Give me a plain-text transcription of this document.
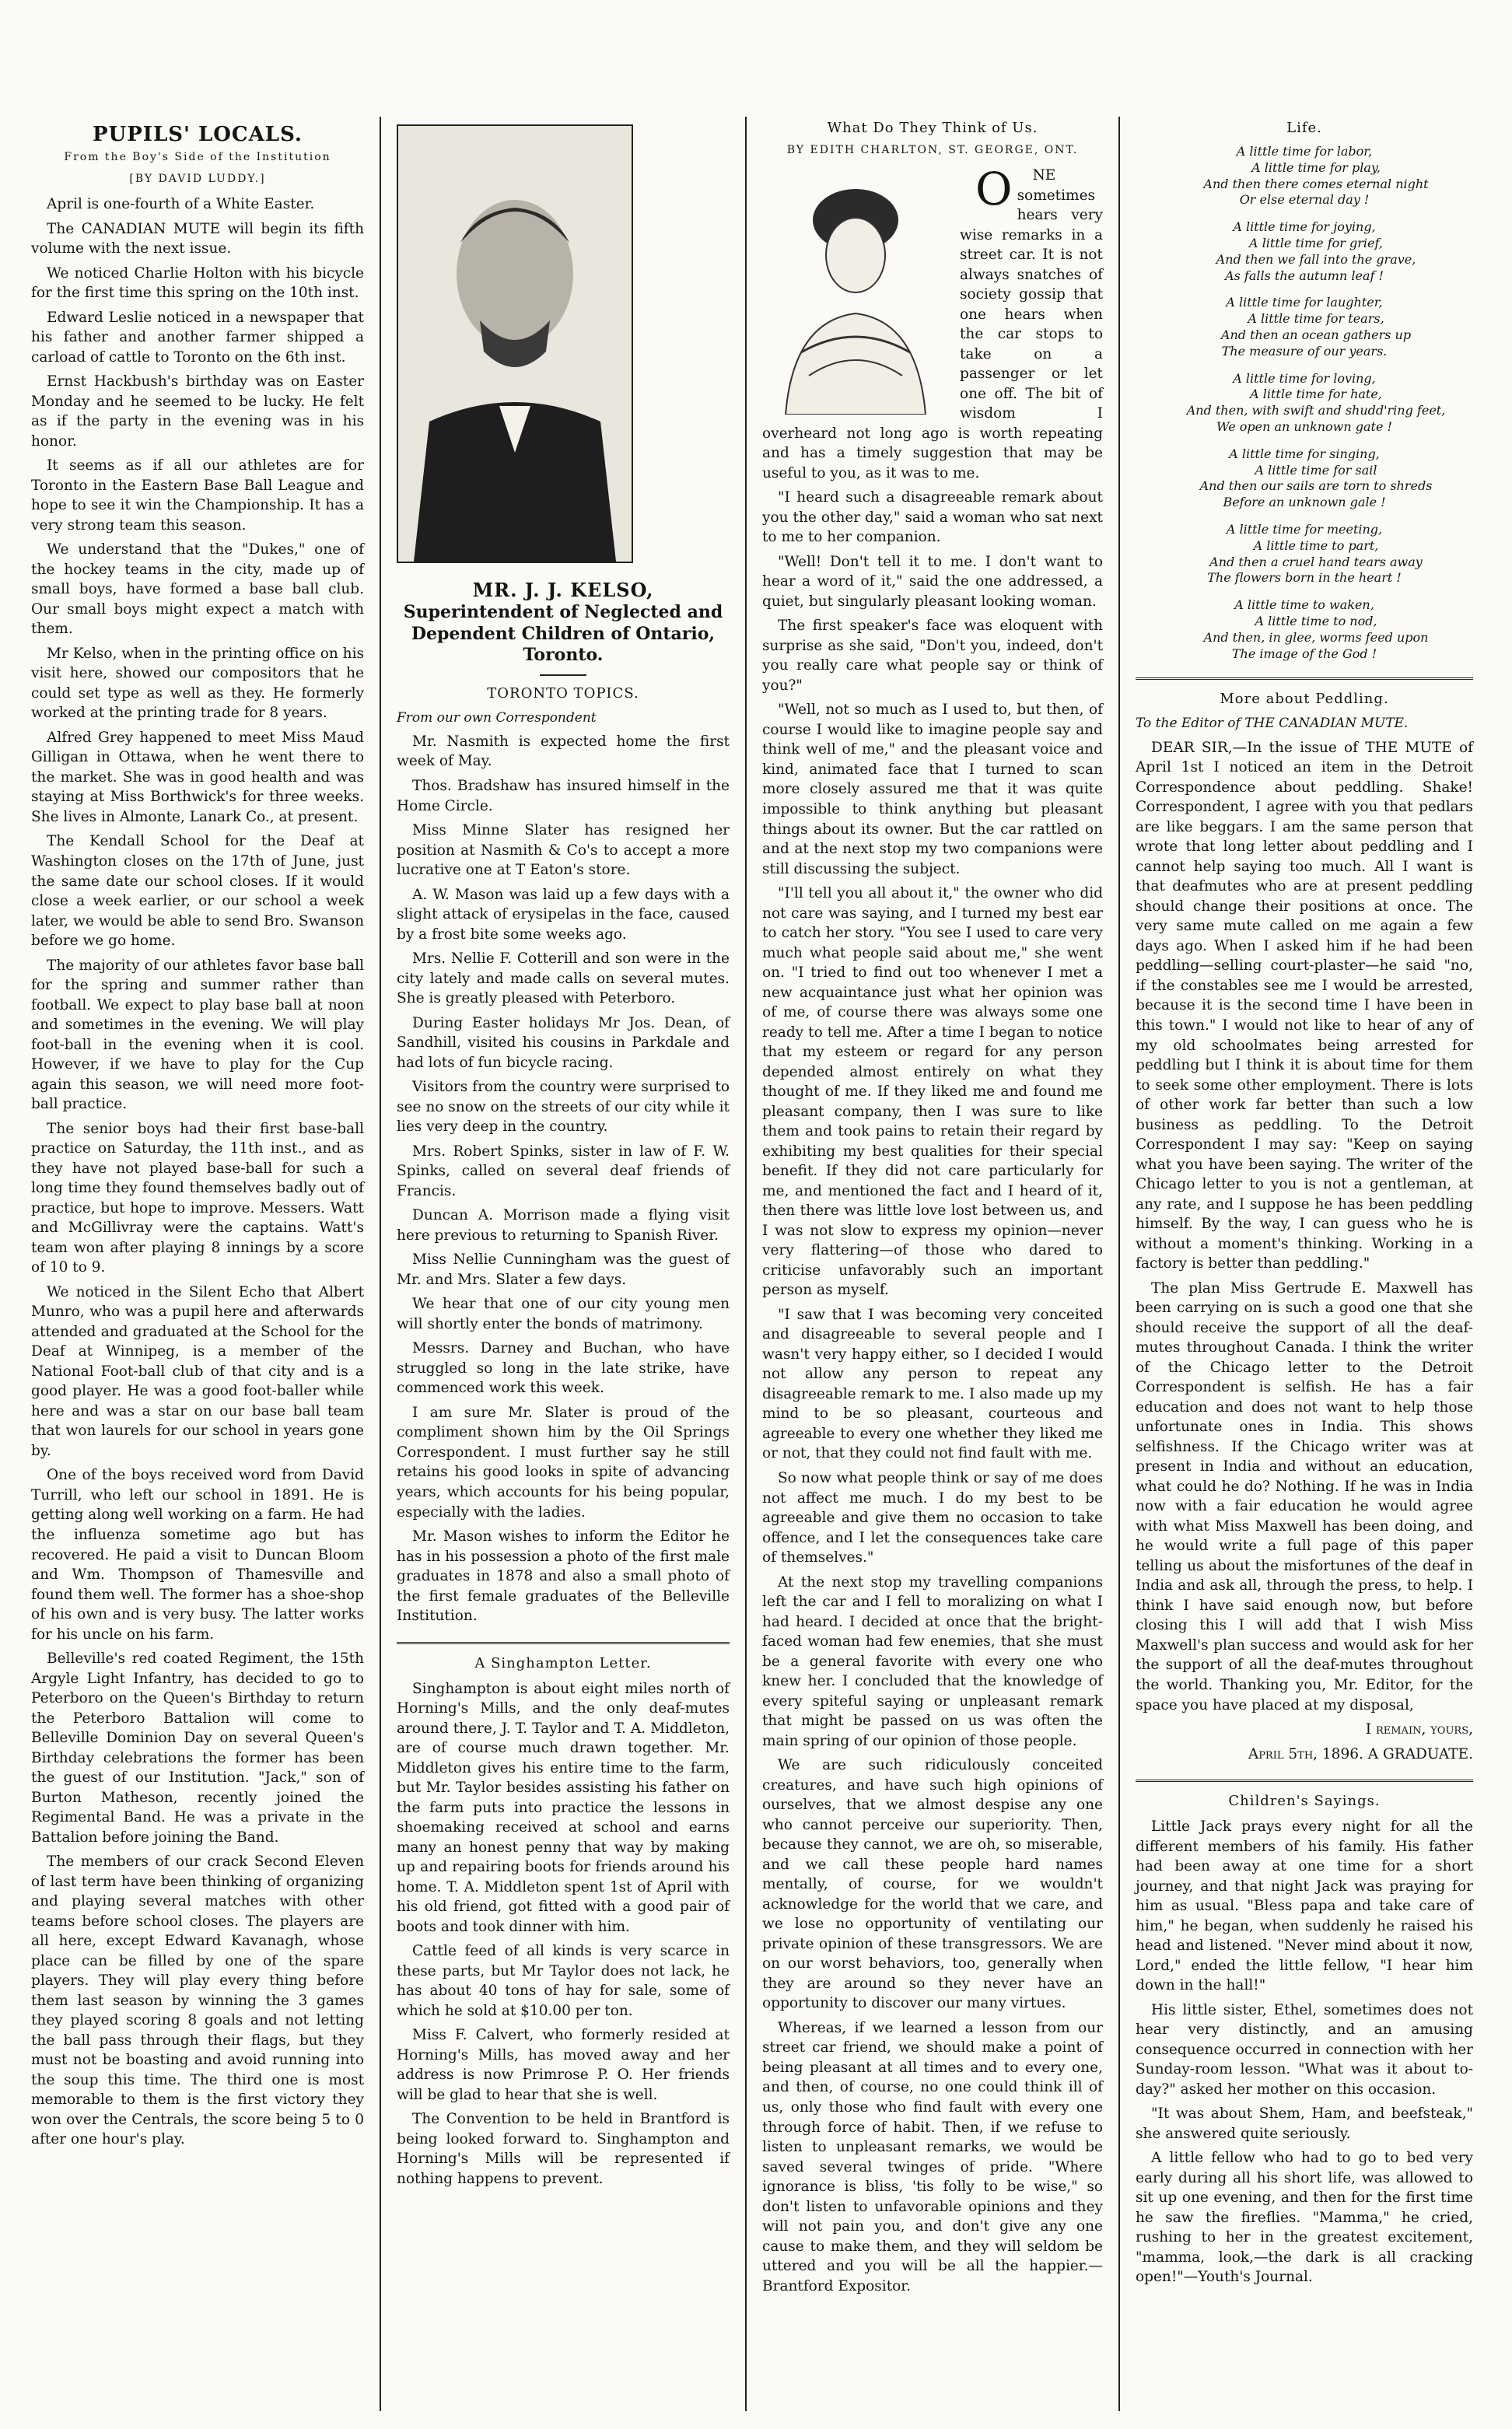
PUPILS' LOCALS.
From the Boy's Side of the Institution
[BY DAVID LUDDY.]

April is one-fourth of a White Easter.

The CANADIAN MUTE will begin its fifth volume with the next issue.

We noticed Charlie Holton with his bicycle for the first time this spring on the 10th inst.

Edward Leslie noticed in a newspaper that his father and another farmer shipped a carload of cattle to Toronto on the 6th inst.

Ernst Hackbush's birthday was on Easter Monday and he seemed to be lucky. He felt as if the party in the evening was in his honor.

It seems as if all our athletes are for Toronto in the Eastern Base Ball League and hope to see it win the Championship. It has a very strong team this season.

We understand that the "Dukes," one of the hockey teams in the city, made up of small boys, have formed a base ball club. Our small boys might expect a match with them.

Mr Kelso, when in the printing office on his visit here, showed our compositors that he could set type as well as they. He formerly worked at the printing trade for 8 years.

Alfred Grey happened to meet Miss Maud Gilligan in Ottawa, when he went there to the market. She was in good health and was staying at Miss Borthwick's for three weeks. She lives in Almonte, Lanark Co., at present.

The Kendall School for the Deaf at Washington closes on the 17th of June, just the same date our school closes. If it would close a week earlier, or our school a week later, we would be able to send Bro. Swanson before we go home.

The majority of our athletes favor base ball for the spring and summer rather than football. We expect to play base ball at noon and sometimes in the evening. We will play foot-ball in the evening when it is cool. However, if we have to play for the Cup again this season, we will need more foot-ball practice.

The senior boys had their first base-ball practice on Saturday, the 11th inst., and as they have not played base-ball for such a long time they found themselves badly out of practice, but hope to improve. Messers. Watt and McGillivray were the captains. Watt's team won after playing 8 innings by a score of 10 to 9.

We noticed in the Silent Echo that Albert Munro, who was a pupil here and afterwards attended and graduated at the School for the Deaf at Winnipeg, is a member of the National Foot-ball club of that city and is a good player. He was a good foot-baller while here and was a star on our base ball team that won laurels for our school in years gone by.

One of the boys received word from David Turrill, who left our school in 1891. He is getting along well working on a farm. He had the influenza sometime ago but has recovered. He paid a visit to Duncan Bloom and Wm. Thompson of Thamesville and found them well. The former has a shoe-shop of his own and is very busy. The latter works for his uncle on his farm.

Belleville's red coated Regiment, the 15th Argyle Light Infantry, has decided to go to Peterboro on the Queen's Birthday to return the Peterboro Battalion will come to Belleville Dominion Day on several Queen's Birthday celebrations the former has been the guest of our Institution. "Jack," son of Burton Matheson, recently joined the Regimental Band. He was a private in the Battalion before joining the Band.

The members of our crack Second Eleven of last term have been thinking of organizing and playing several matches with other teams before school closes. The players are all here, except Edward Kavanagh, whose place can be filled by one of the spare players. They will play every thing before them last season by winning the 3 games they played scoring 8 goals and not letting the ball pass through their flags, but they must not be boasting and avoid running into the soup this time. The third one is most memorable to them is the first victory they won over the Centrals, the score being 5 to 0 after one hour's play.

MR. J. J. KELSO,
Superintendent of Neglected and Dependent Children of Ontario, Toronto.
TORONTO TOPICS.

From our own Correspondent

Mr. Nasmith is expected home the first week of May.

Thos. Bradshaw has insured himself in the Home Circle.

Miss Minne Slater has resigned her position at Nasmith & Co's to accept a more lucrative one at T Eaton's store.

A. W. Mason was laid up a few days with a slight attack of erysipelas in the face, caused by a frost bite some weeks ago.

Mrs. Nellie F. Cotterill and son were in the city lately and made calls on several mutes. She is greatly pleased with Peterboro.

During Easter holidays Mr Jos. Dean, of Sandhill, visited his cousins in Parkdale and had lots of fun bicycle racing.

Visitors from the country were surprised to see no snow on the streets of our city while it lies very deep in the country.

Mrs. Robert Spinks, sister in law of F. W. Spinks, called on several deaf friends of Francis.

Duncan A. Morrison made a flying visit here previous to returning to Spanish River.

Miss Nellie Cunningham was the guest of Mr. and Mrs. Slater a few days.

We hear that one of our city young men will shortly enter the bonds of matrimony.

Messrs. Darney and Buchan, who have struggled so long in the late strike, have commenced work this week.

I am sure Mr. Slater is proud of the compliment shown him by the Oil Springs Correspondent. I must further say he still retains his good looks in spite of advancing years, which accounts for his being popular, especially with the ladies.

Mr. Mason wishes to inform the Editor he has in his possession a photo of the first male graduates in 1878 and also a small photo of the first female graduates of the Belleville Institution.

A Singhampton Letter.

Singhampton is about eight miles north of Horning's Mills, and the only deaf-mutes around there, J. T. Taylor and T. A. Middleton, are of course much drawn together. Mr. Middleton gives his entire time to the farm, but Mr. Taylor besides assisting his father on the farm puts into practice the lessons in shoemaking received at school and earns many an honest penny that way by making up and repairing boots for friends around his home. T. A. Middleton spent 1st of April with his old friend, got fitted with a good pair of boots and took dinner with him.

Cattle feed of all kinds is very scarce in these parts, but Mr Taylor does not lack, he has about 40 tons of hay for sale, some of which he sold at $10.00 per ton.

Miss F. Calvert, who formerly resided at Horning's Mills, has moved away and her address is now Primrose P. O. Her friends will be glad to hear that she is well.

The Convention to be held in Brantford is being looked forward to. Singhampton and Horning's Mills will be represented if nothing happens to prevent.

What Do They Think of Us.
BY EDITH CHARLTON, ST. GEORGE, ONT.

O NE sometimes hears very wise remarks in a street car. It is not always snatches of society gossip that one hears when the car stops to take on a passenger or let one off. The bit of wisdom I overheard not long ago is worth repeating and has a timely suggestion that may be useful to you, as it was to me.

"I heard such a disagreeable remark about you the other day," said a woman who sat next to me to her companion.

"Well! Don't tell it to me. I don't want to hear a word of it," said the one addressed, a quiet, but singularly pleasant looking woman.

The first speaker's face was eloquent with surprise as she said, "Don't you, indeed, don't you really care what people say or think of you?"

"Well, not so much as I used to, but then, of course I would like to imagine people say and think well of me," and the pleasant voice and kind, animated face that I turned to scan more closely assured me that it was quite impossible to think anything but pleasant things about its owner. But the car rattled on and at the next stop my two companions were still discussing the subject.

"I'll tell you all about it," the owner who did not care was saying, and I turned my best ear to catch her story. "You see I used to care very much what people said about me," she went on. "I tried to find out too whenever I met a new acquaintance just what her opinion was of me, of course there was always some one ready to tell me. After a time I began to notice that my esteem or regard for any person depended almost entirely on what they thought of me. If they liked me and found me pleasant company, then I was sure to like them and took pains to retain their regard by exhibiting my best qualities for their special benefit. If they did not care particularly for me, and mentioned the fact and I heard of it, then there was little love lost between us, and I was not slow to express my opinion—never very flattering—of those who dared to criticise unfavorably such an important person as myself.

"I saw that I was becoming very conceited and disagreeable to several people and I wasn't very happy either, so I decided I would not allow any person to repeat any disagreeable remark to me. I also made up my mind to be so pleasant, courteous and agreeable to every one whether they liked me or not, that they could not find fault with me.

So now what people think or say of me does not affect me much. I do my best to be agreeable and give them no occasion to take offence, and I let the consequences take care of themselves."

At the next stop my travelling companions left the car and I fell to moralizing on what I had heard. I decided at once that the bright-faced woman had few enemies, that she must be a general favorite with every one who knew her. I concluded that the knowledge of every spiteful saying or unpleasant remark that might be passed on us was often the main spring of our opinion of those people.

We are such ridiculously conceited creatures, and have such high opinions of ourselves, that we almost despise any one who cannot perceive our superiority. Then, because they cannot, we are oh, so miserable, and we call these people hard names mentally, of course, for we wouldn't acknowledge for the world that we care, and we lose no opportunity of ventilating our private opinion of these transgressors. We are on our worst behaviors, too, generally when they are around so they never have an opportunity to discover our many virtues.

Whereas, if we learned a lesson from our street car friend, we should make a point of being pleasant at all times and to every one, and then, of course, no one could think ill of us, only those who find fault with every one through force of habit. Then, if we refuse to listen to unpleasant remarks, we would be saved several twinges of pride. "Where ignorance is bliss, 'tis folly to be wise," so don't listen to unfavorable opinions and they will not pain you, and don't give any one cause to make them, and they will seldom be uttered and you will be all the happier.—Brantford Expositor.

Life.
A little time for labor,
A little time for play,
And then there comes eternal night
Or else eternal day !
A little time for joying,
A little time for grief,
And then we fall into the grave,
As falls the autumn leaf !
A little time for laughter,
A little time for tears,
And then an ocean gathers up
The measure of our years.
A little time for loving,
A little time for hate,
And then, with swift and shudd'ring feet,
We open an unknown gate !
A little time for singing,
A little time for sail
And then our sails are torn to shreds
Before an unknown gale !
A little time for meeting,
A little time to part,
And then a cruel hand tears away
The flowers born in the heart !
A little time to waken,
A little time to nod,
And then, in glee, worms feed upon
The image of the God !
More about Peddling.

To the Editor of THE CANADIAN MUTE.

DEAR SIR,—In the issue of THE MUTE of April 1st I noticed an item in the Detroit Correspondence about peddling. Shake! Correspondent, I agree with you that pedlars are like beggars. I am the same person that wrote that long letter about peddling and I cannot help saying too much. All I want is that deafmutes who are at present peddling should change their positions at once. The very same mute called on me again a few days ago. When I asked him if he had been peddling—selling court-plaster—he said "no, if the constables see me I would be arrested, because it is the second time I have been in this town." I would not like to hear of any of my old schoolmates being arrested for peddling but I think it is about time for them to seek some other employment. There is lots of other work far better than such a low business as peddling. To the Detroit Correspondent I may say: "Keep on saying what you have been saying. The writer of the Chicago letter to you is not a gentleman, at any rate, and I suppose he has been peddling himself. By the way, I can guess who he is without a moment's thinking. Working in a factory is better than peddling."

The plan Miss Gertrude E. Maxwell has been carrying on is such a good one that she should receive the support of all the deaf-mutes throughout Canada. I think the writer of the Chicago letter to the Detroit Correspondent is selfish. He has a fair education and does not want to help those unfortunate ones in India. This shows selfishness. If the Chicago writer was at present in India and without an education, what could he do? Nothing. If he was in India now with a fair education he would agree with what Miss Maxwell has been doing, and he would write a full page of this paper telling us about the misfortunes of the deaf in India and ask all, through the press, to help. I think I have said enough now, but before closing this I will add that I wish Miss Maxwell's plan success and would ask for her the support of all the deaf-mutes throughout the world. Thanking you, Mr. Editor, for the space you have placed at my disposal,

I remain, yours,

April 5th, 1896. A GRADUATE.

Children's Sayings.

Little Jack prays every night for all the different members of his family. His father had been away at one time for a short journey, and that night Jack was praying for him as usual. "Bless papa and take care of him," he began, when suddenly he raised his head and listened. "Never mind about it now, Lord," ended the little fellow, "I hear him down in the hall!"

His little sister, Ethel, sometimes does not hear very distinctly, and an amusing consequence occurred in connection with her Sunday-room lesson. "What was it about to-day?" asked her mother on this occasion.

"It was about Shem, Ham, and beefsteak," she answered quite seriously.

A little fellow who had to go to bed very early during all his short life, was allowed to sit up one evening, and then for the first time he saw the fireflies. "Mamma," he cried, rushing to her in the greatest excitement, "mamma, look,—the dark is all cracking open!"—Youth's Journal.
